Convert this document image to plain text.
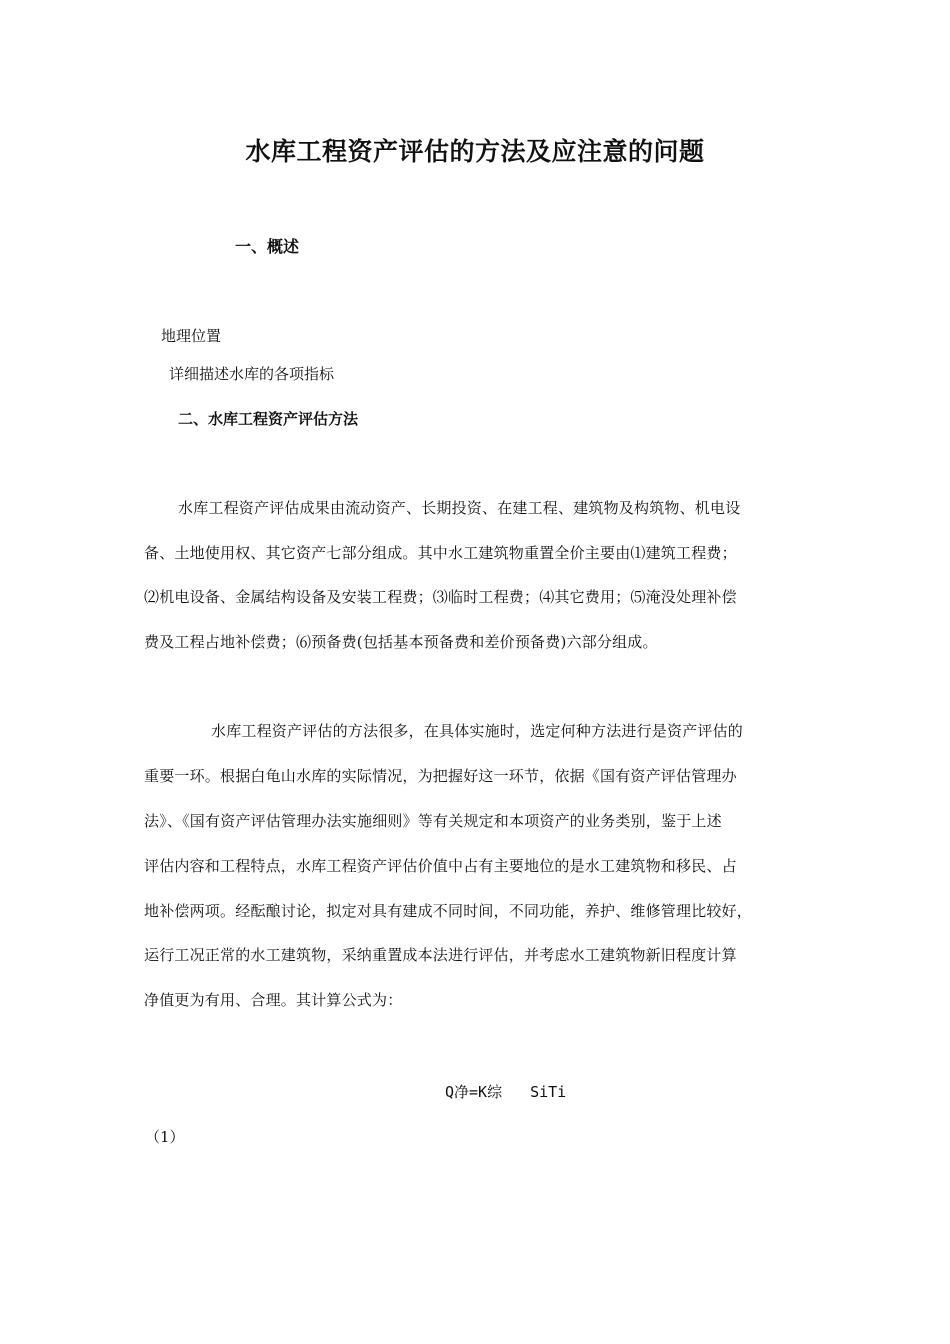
水库工程资产评估的方法及应注意的问题
一、概述
地理位置
详细描述水库的各项指标
二、水库工程资产评估方法
水库工程资产评估成果由流动资产、长期投资、在建工程、建筑物及构筑物、机电设
备、土地使用权、其它资产七部分组成。其中水工建筑物重置全价主要由⑴建筑工程费；
⑵机电设备、金属结构设备及安装工程费；⑶临时工程费；⑷其它费用；⑸淹没处理补偿
费及工程占地补偿费；⑹预备费(包括基本预备费和差价预备费)六部分组成。
水库工程资产评估的方法很多，在具体实施时，选定何种方法进行是资产评估的
重要一环。根据白龟山水库的实际情况，为把握好这一环节，依据《国有资产评估管理办
法》、《国有资产评估管理办法实施细则》等有关规定和本项资产的业务类别，鉴于上述
评估内容和工程特点，水库工程资产评估价值中占有主要地位的是水工建筑物和移民、占
地补偿两项。经酝酿讨论，拟定对具有建成不同时间，不同功能，养护、维修管理比较好，
运行工况正常的水工建筑物，采纳重置成本法进行评估，并考虑水工建筑物新旧程度计算
净值更为有用、合理。其计算公式为：
Q净=K综 SiTi
（1）
